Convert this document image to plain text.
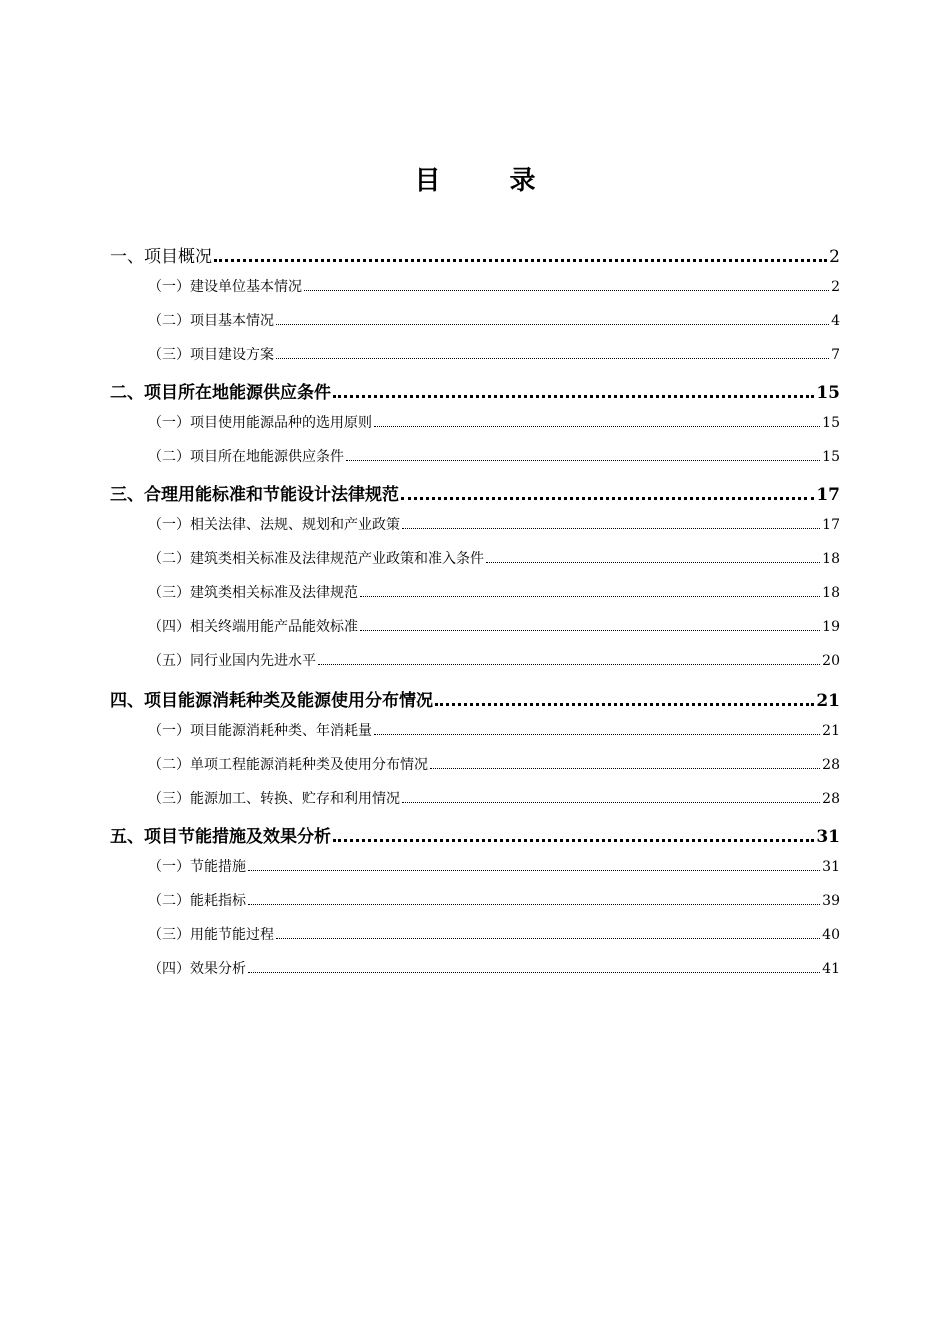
目 录
一、项目概况	2
（一）建设单位基本情况	2
（二）项目基本情况	4
（三）项目建设方案	7
二、项目所在地能源供应条件	15
（一）项目使用能源品种的选用原则	15
（二）项目所在地能源供应条件	15
三、合理用能标准和节能设计法律规范	17
（一）相关法律、法规、规划和产业政策	17
（二）建筑类相关标准及法律规范产业政策和准入条件	18
（三）建筑类相关标准及法律规范	18
（四）相关终端用能产品能效标准	19
（五）同行业国内先进水平	20
四、项目能源消耗种类及能源使用分布情况	21
（一）项目能源消耗种类、年消耗量	21
（二）单项工程能源消耗种类及使用分布情况	28
（三）能源加工、转换、贮存和利用情况	28
五、项目节能措施及效果分析	31
（一）节能措施	31
（二）能耗指标	39
（三）用能节能过程	40
（四）效果分析	41
